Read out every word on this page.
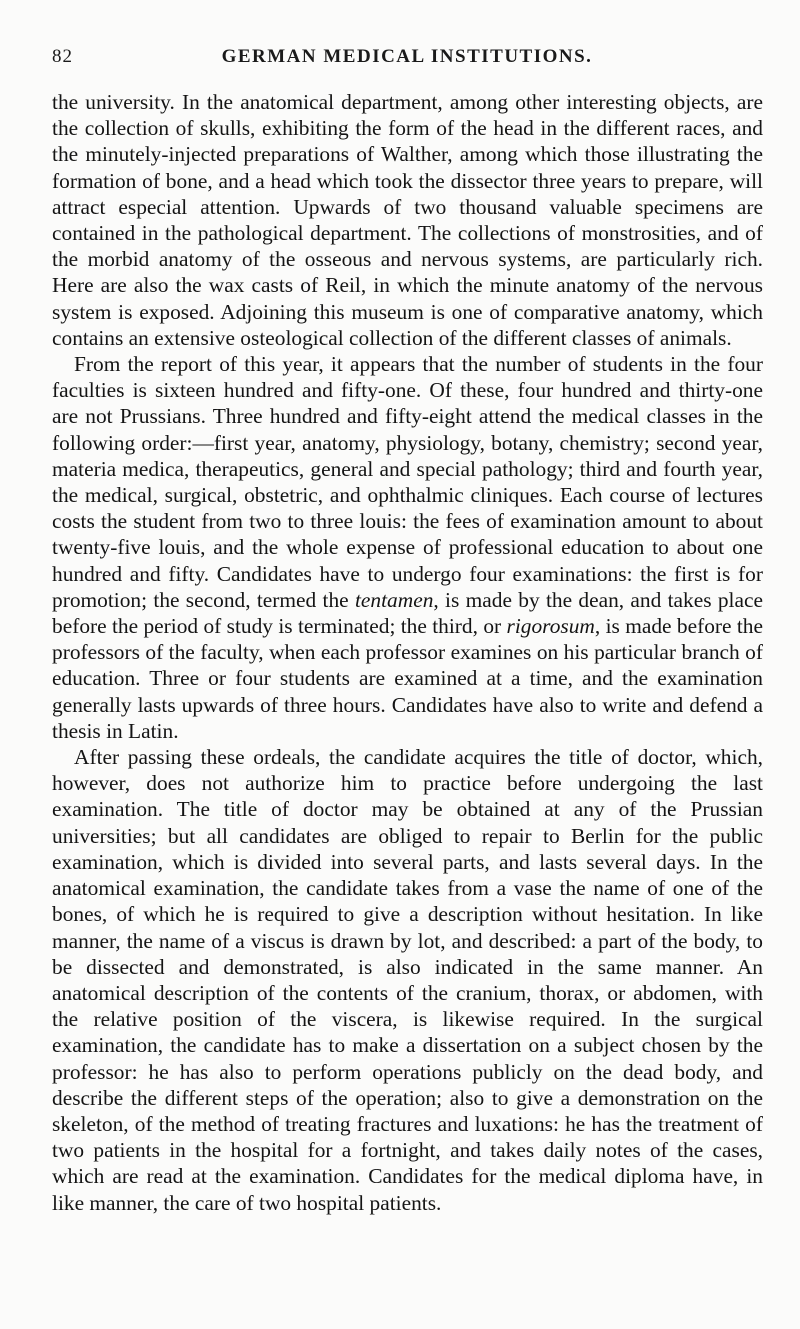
82	GERMAN MEDICAL INSTITUTIONS.

the university. In the anatomical department, among other interesting objects, are the collection of skulls, exhibiting the form of the head in the different races, and the minutely-injected preparations of Walther, among which those illustrating the formation of bone, and a head which took the dissector three years to prepare, will attract especial attention. Upwards of two thousand valuable specimens are contained in the pathological department. The collections of monstrosities, and of the morbid anatomy of the osseous and nervous systems, are particularly rich. Here are also the wax casts of Reil, in which the minute anatomy of the nervous system is exposed. Adjoining this museum is one of comparative anatomy, which contains an extensive osteological collection of the different classes of animals.

From the report of this year, it appears that the number of students in the four faculties is sixteen hundred and fifty-one. Of these, four hundred and thirty-one are not Prussians. Three hundred and fifty-eight attend the medical classes in the following order:—first year, anatomy, physiology, botany, chemistry; second year, materia medica, therapeutics, general and special pathology; third and fourth year, the medical, surgical, obstetric, and ophthalmic cliniques. Each course of lectures costs the student from two to three louis: the fees of examination amount to about twenty-five louis, and the whole expense of professional education to about one hundred and fifty. Candidates have to undergo four examinations: the first is for promotion; the second, termed the tentamen, is made by the dean, and takes place before the period of study is terminated; the third, or rigorosum, is made before the professors of the faculty, when each professor examines on his particular branch of education. Three or four students are examined at a time, and the examination generally lasts upwards of three hours. Candidates have also to write and defend a thesis in Latin.

After passing these ordeals, the candidate acquires the title of doctor, which, however, does not authorize him to practice before undergoing the last examination. The title of doctor may be obtained at any of the Prussian universities; but all candidates are obliged to repair to Berlin for the public examination, which is divided into several parts, and lasts several days. In the anatomical examination, the candidate takes from a vase the name of one of the bones, of which he is required to give a description without hesitation. In like manner, the name of a viscus is drawn by lot, and described: a part of the body, to be dissected and demonstrated, is also indicated in the same manner. An anatomical description of the contents of the cranium, thorax, or abdomen, with the relative position of the viscera, is likewise required. In the surgical examination, the candidate has to make a dissertation on a subject chosen by the professor: he has also to perform operations publicly on the dead body, and describe the different steps of the operation; also to give a demonstration on the skeleton, of the method of treating fractures and luxations: he has the treatment of two patients in the hospital for a fortnight, and takes daily notes of the cases, which are read at the examination. Candidates for the medical diploma have, in like manner, the care of two hospital patients.
